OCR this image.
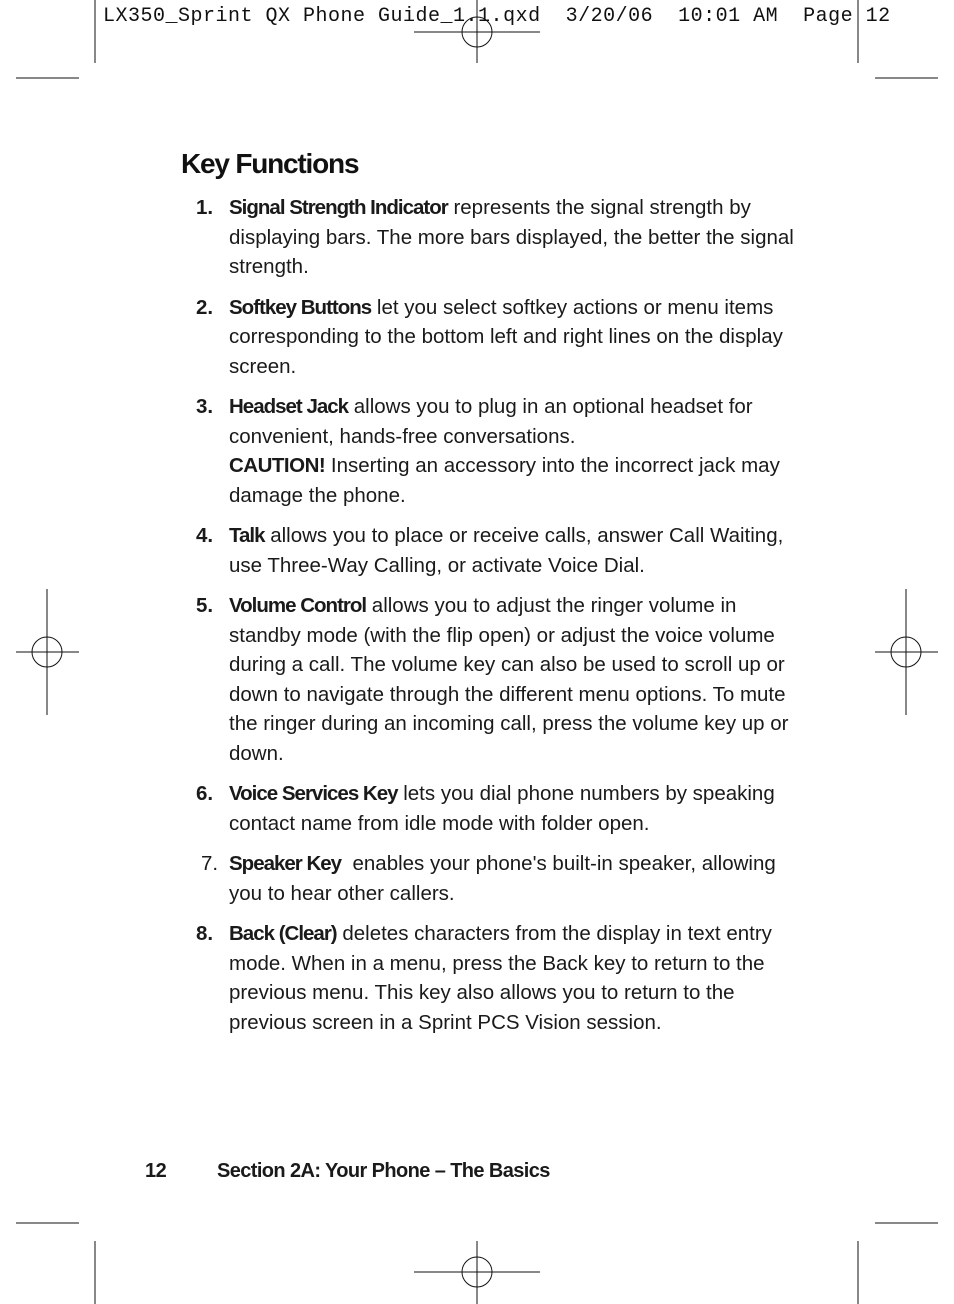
LX350_Sprint QX Phone Guide_1.1.qxd  3/20/06  10:01 AM  Page 12
Key Functions
1. Signal Strength Indicator represents the signal strength by displaying bars. The more bars displayed, the better the signal strength.
2. Softkey Buttons let you select softkey actions or menu items corresponding to the bottom left and right lines on the display screen.
3. Headset Jack allows you to plug in an optional headset for convenient, hands-free conversations.
CAUTION! Inserting an accessory into the incorrect jack may damage the phone.
4. Talk allows you to place or receive calls, answer Call Waiting, use Three-Way Calling, or activate Voice Dial.
5. Volume Control allows you to adjust the ringer volume in standby mode (with the flip open) or adjust the voice volume during a call. The volume key can also be used to scroll up or down to navigate through the different menu options. To mute the ringer during an incoming call, press the volume key up or down.
6. Voice Services Key lets you dial phone numbers by speaking contact name from idle mode with folder open.
7. Speaker Key  enables your phone's built-in speaker, allowing you to hear other callers.
8. Back (Clear) deletes characters from the display in text entry mode. When in a menu, press the Back key to return to the previous menu. This key also allows you to return to the previous screen in a Sprint PCS Vision session.
12	Section 2A: Your Phone – The Basics
